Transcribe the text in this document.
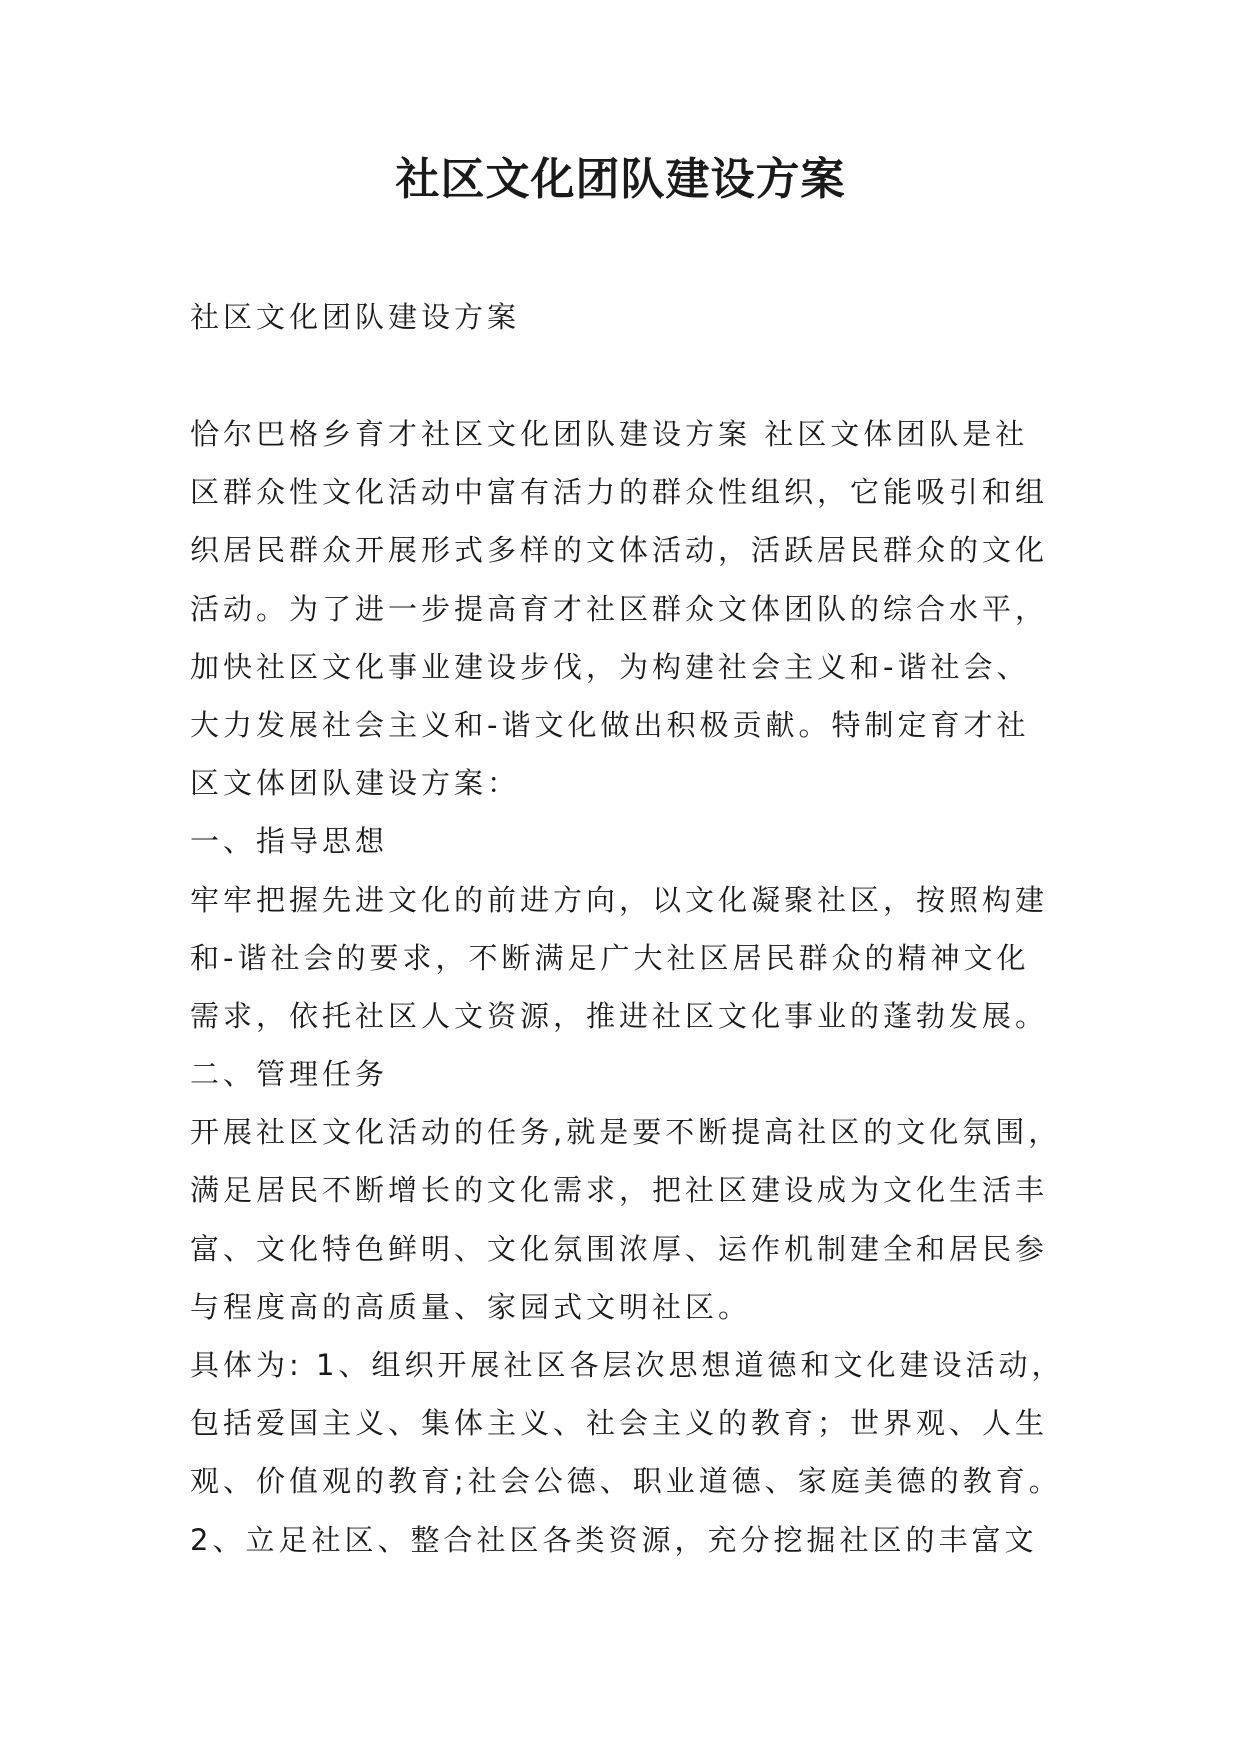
社区文化团队建设方案
社区文化团队建设方案
恰尔巴格乡育才社区文化团队建设方案 社区文体团队是社
区群众性文化活动中富有活力的群众性组织，它能吸引和组
织居民群众开展形式多样的文体活动，活跃居民群众的文化
活动。为了进一步提高育才社区群众文体团队的综合水平，
加快社区文化事业建设步伐，为构建社会主义和-谐社会、
大力发展社会主义和-谐文化做出积极贡献。特制定育才社
区文体团队建设方案：
一、指导思想
牢牢把握先进文化的前进方向，以文化凝聚社区，按照构建
和-谐社会的要求，不断满足广大社区居民群众的精神文化
需求，依托社区人文资源，推进社区文化事业的蓬勃发展。
二、管理任务
开展社区文化活动的任务,就是要不断提高社区的文化氛围，
满足居民不断增长的文化需求，把社区建设成为文化生活丰
富、文化特色鲜明、文化氛围浓厚、运作机制建全和居民参
与程度高的高质量、家园式文明社区。
具体为: 1、组织开展社区各层次思想道德和文化建设活动，
包括爱国主义、集体主义、社会主义的教育；世界观、人生
观、价值观的教育;社会公德、职业道德、家庭美德的教育。
2、立足社区、整合社区各类资源，充分挖掘社区的丰富文
